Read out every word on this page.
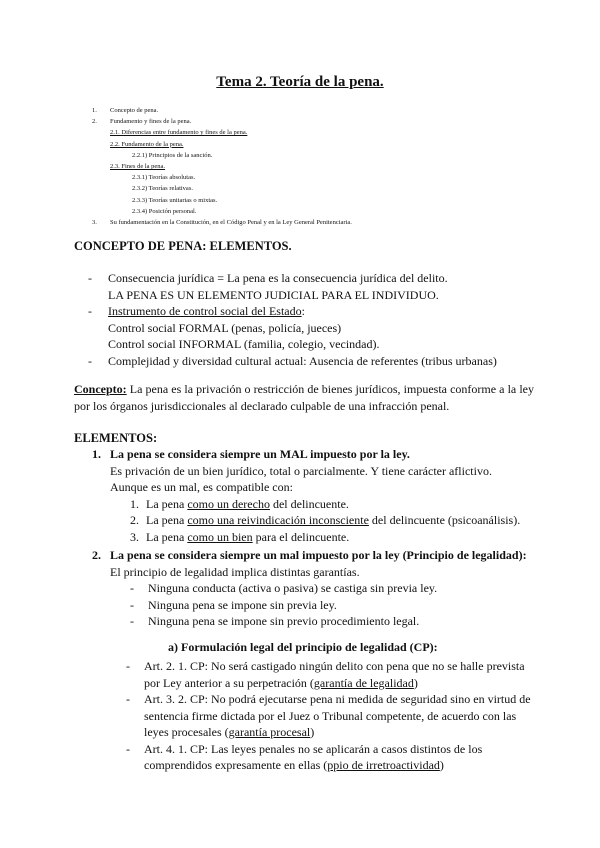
Tema 2. Teoría de la pena.
1. Concepto de pena.
2. Fundamento y fines de la pena.
2.1. Diferencias entre fundamento y fines de la pena.
2.2. Fundamento de la pena.
2.2.1) Principios de la sanción.
2.3. Fines de la pena.
2.3.1) Teorías absolutas.
2.3.2) Teorías relativas.
2.3.3) Teorías unitarias o mixtas.
2.3.4) Posición personal.
3. Su fundamentación en la Constitución, en el Código Penal y en la Ley General Penitenciaria.
CONCEPTO DE PENA: ELEMENTOS.
- Consecuencia jurídica = La pena es la consecuencia jurídica del delito.
LA PENA ES UN ELEMENTO JUDICIAL PARA EL INDIVIDUO.
- Instrumento de control social del Estado:
Control social FORMAL (penas, policía, jueces)
Control social INFORMAL (familia, colegio, vecindad).
- Complejidad y diversidad cultural actual: Ausencia de referentes (tribus urbanas)
Concepto: La pena es la privación o restricción de bienes jurídicos, impuesta conforme a la ley por los órganos jurisdiccionales al declarado culpable de una infracción penal.
ELEMENTOS:
1. La pena se considera siempre un MAL impuesto por la ley.
Es privación de un bien jurídico, total o parcialmente. Y tiene carácter aflictivo.
Aunque es un mal, es compatible con:
1. La pena como un derecho del delincuente.
2. La pena como una reivindicación inconsciente del delincuente (psicoanálisis).
3. La pena como un bien para el delincuente.
2. La pena se considera siempre un mal impuesto por la ley (Principio de legalidad): El principio de legalidad implica distintas garantías.
- Ninguna conducta (activa o pasiva) se castiga sin previa ley.
- Ninguna pena se impone sin previa ley.
- Ninguna pena se impone sin previo procedimiento legal.
a) Formulación legal del principio de legalidad (CP):
- Art. 2. 1. CP: No será castigado ningún delito con pena que no se halle prevista por Ley anterior a su perpetración (garantía de legalidad)
- Art. 3. 2. CP: No podrá ejecutarse pena ni medida de seguridad sino en virtud de sentencia firme dictada por el Juez o Tribunal competente, de acuerdo con las leyes procesales (garantía procesal)
- Art. 4. 1. CP: Las leyes penales no se aplicarán a casos distintos de los comprendidos expresamente en ellas (ppio de irretroactividad)
